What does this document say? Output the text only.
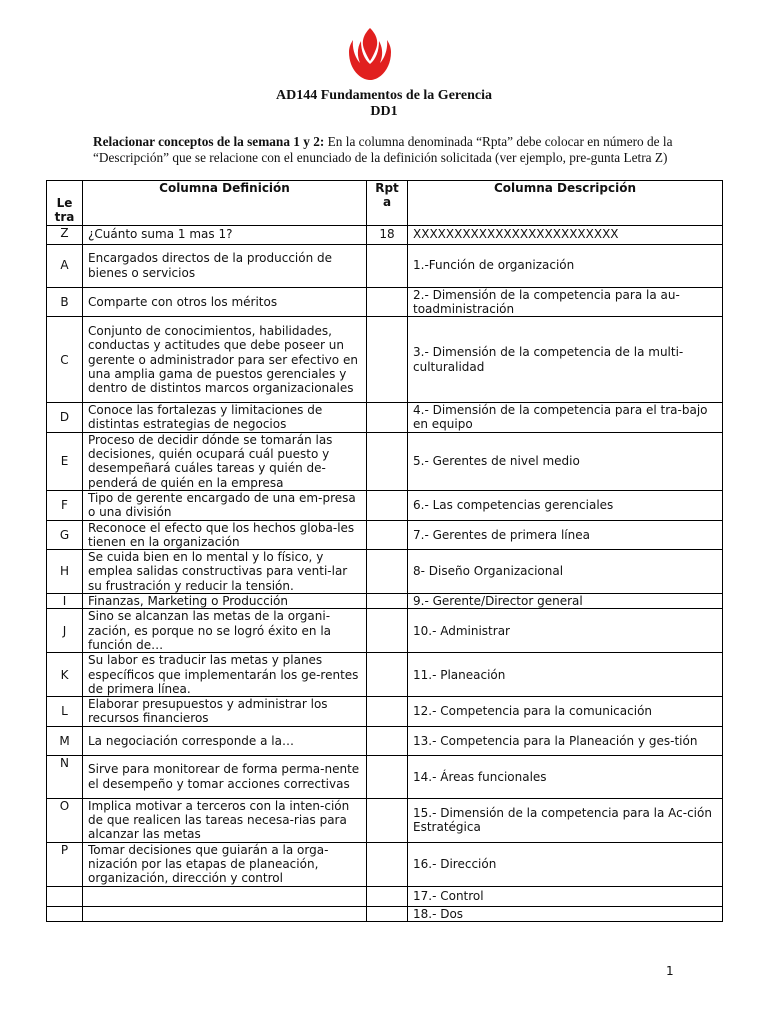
AD144 Fundamentos de la Gerencia
DD1
Relacionar conceptos de la semana 1 y 2: En la columna denominada “Rpta” debe colocar en número de la “Descripción” que se relacione con el enunciado de la definición solicitada (ver ejemplo, pre-gunta Letra Z)
Le tra	Columna Definición	Rpt a	Columna Descripción
Z	¿Cuánto suma 1 mas 1?	18	XXXXXXXXXXXXXXXXXXXXXXXXX
A	Encargados directos de la producción de bienes o servicios		1.-Función de organización
B	Comparte con otros los méritos		2.- Dimensión de la competencia para la au-toadministración
C	Conjunto de conocimientos, habilidades, conductas y actitudes que debe poseer un gerente o administrador para ser efectivo en una amplia gama de puestos gerenciales y dentro de distintos marcos organizacionales		3.- Dimensión de la competencia de la multi-culturalidad
D	Conoce las fortalezas y limitaciones de distintas estrategias de negocios		4.- Dimensión de la competencia para el tra-bajo en equipo
E	Proceso de decidir dónde se tomarán las decisiones, quién ocupará cuál puesto y desempeñará cuáles tareas y quién de-penderá de quién en la empresa		5.- Gerentes de nivel medio
F	Tipo de gerente encargado de una em-presa o una división		6.- Las competencias gerenciales
G	Reconoce el efecto que los hechos globa-les tienen en la organización		7.- Gerentes de primera línea
H	Se cuida bien en lo mental y lo físico, y emplea salidas constructivas para venti-lar su frustración y reducir la tensión.		8- Diseño Organizacional
I	Finanzas, Marketing o Producción		9.- Gerente/Director general
J	Sino se alcanzan las metas de la organi-zación, es porque no se logró éxito en la función de…		10.- Administrar
K	Su labor es traducir las metas y planes específicos que implementarán los ge-rentes de primera línea.		11.- Planeación
L	Elaborar presupuestos y administrar los recursos financieros		12.- Competencia para la comunicación
M	La negociación corresponde a la…		13.- Competencia para la Planeación y ges-tión
N	Sirve para monitorear de forma perma-nente el desempeño y tomar acciones correctivas		14.- Áreas funcionales
O	Implica motivar a terceros con la inten-ción de que realicen las tareas necesa-rias para alcanzar las metas		15.- Dimensión de la competencia para la Ac-ción Estratégica
P	Tomar decisiones que guiarán a la orga-nización por las etapas de planeación, organización, dirección y control		16.- Dirección
			17.- Control
			18.- Dos
1
